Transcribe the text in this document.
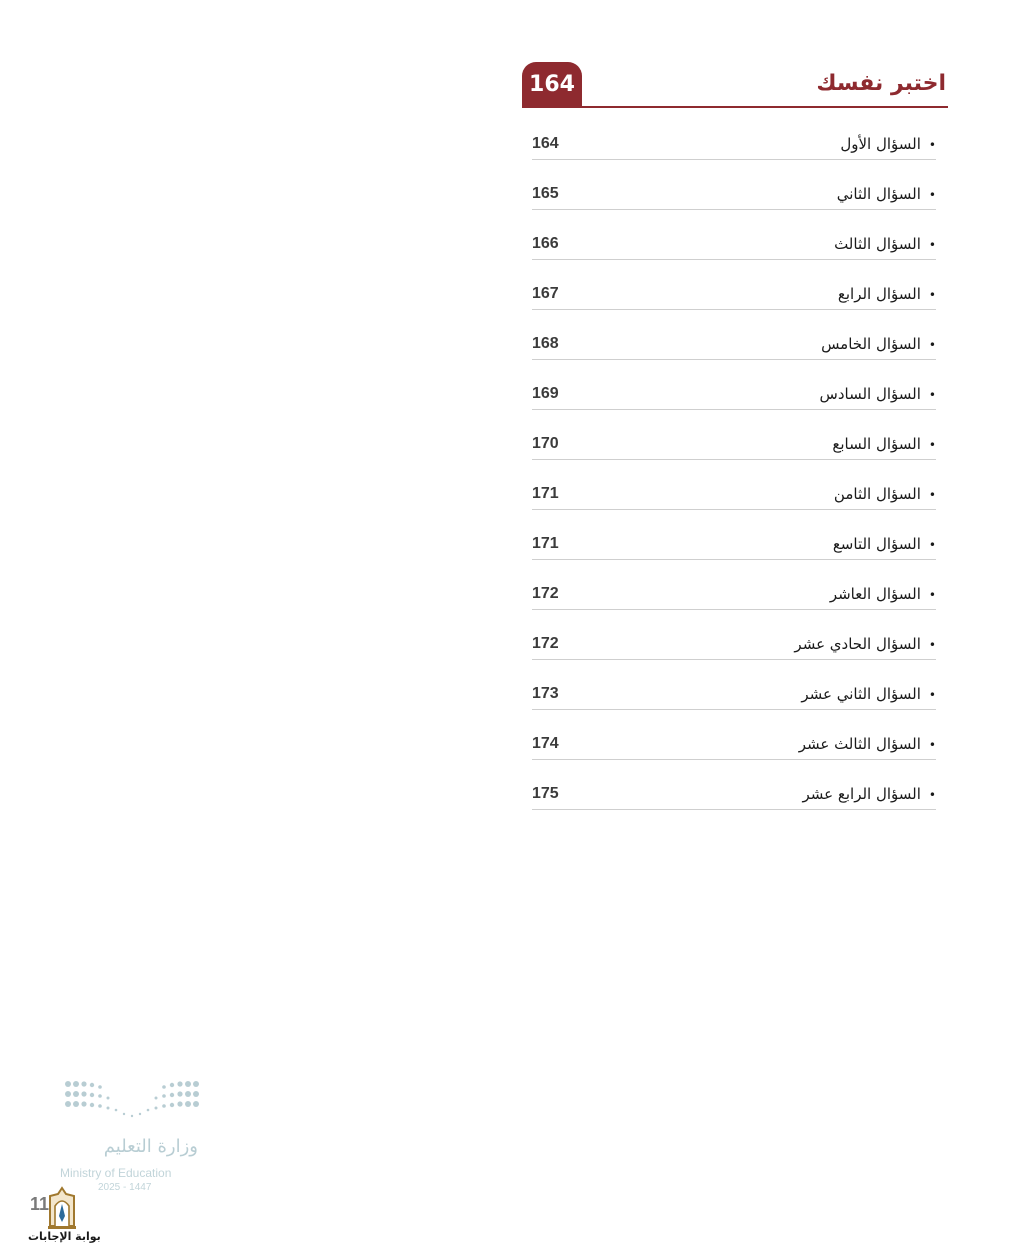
164	اختبر نفسك
164	•السؤال الأول
165	•السؤال الثاني
166	•السؤال الثالث
167	•السؤال الرابع
168	•السؤال الخامس
169	•السؤال السادس
170	•السؤال السابع
171	•السؤال الثامن
171	•السؤال التاسع
172	•السؤال العاشر
172	•السؤال الحادي عشر
173	•السؤال الثاني عشر
174	•السؤال الثالث عشر
175	•السؤال الرابع عشر
وزارة التعليم
Ministry of Education
2025 - 1447
11
بوابة الإجابات
